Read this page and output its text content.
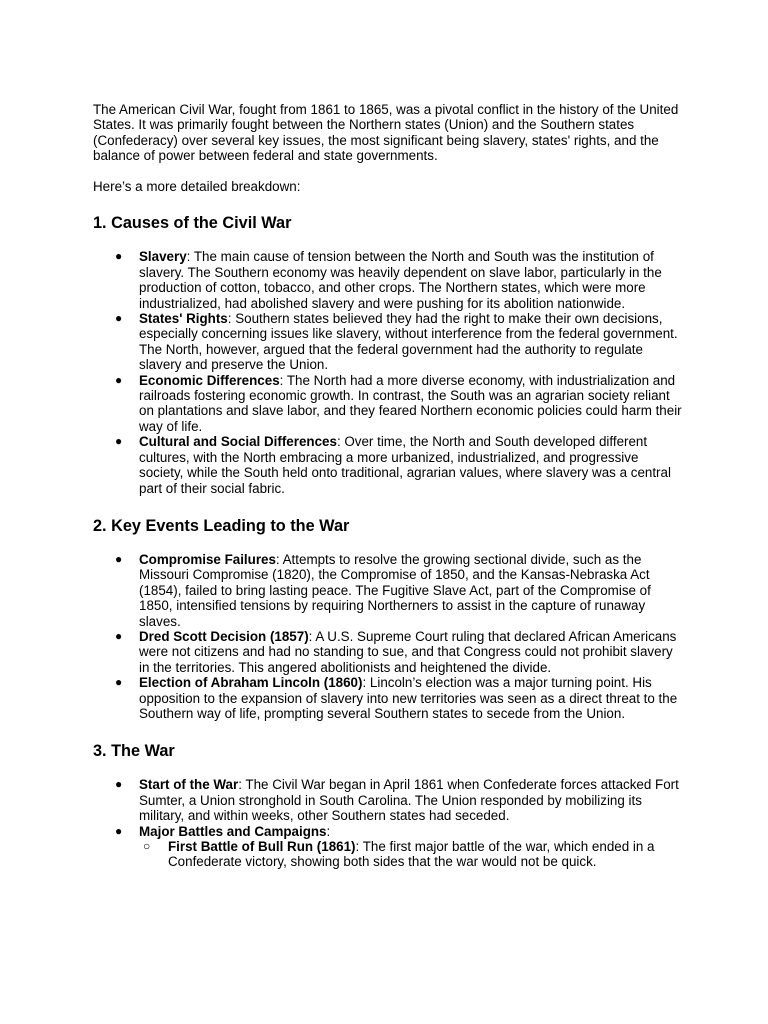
The American Civil War, fought from 1861 to 1865, was a pivotal conflict in the history of the United States. It was primarily fought between the Northern states (Union) and the Southern states (Confederacy) over several key issues, the most significant being slavery, states' rights, and the balance of power between federal and state governments.

Here’s a more detailed breakdown:

1. Causes of the Civil War
● Slavery: The main cause of tension between the North and South was the institution of slavery. The Southern economy was heavily dependent on slave labor, particularly in the production of cotton, tobacco, and other crops. The Northern states, which were more industrialized, had abolished slavery and were pushing for its abolition nationwide.
● States' Rights: Southern states believed they had the right to make their own decisions, especially concerning issues like slavery, without interference from the federal government. The North, however, argued that the federal government had the authority to regulate slavery and preserve the Union.
● Economic Differences: The North had a more diverse economy, with industrialization and railroads fostering economic growth. In contrast, the South was an agrarian society reliant on plantations and slave labor, and they feared Northern economic policies could harm their way of life.
● Cultural and Social Differences: Over time, the North and South developed different cultures, with the North embracing a more urbanized, industrialized, and progressive society, while the South held onto traditional, agrarian values, where slavery was a central part of their social fabric.
2. Key Events Leading to the War
● Compromise Failures: Attempts to resolve the growing sectional divide, such as the Missouri Compromise (1820), the Compromise of 1850, and the Kansas-Nebraska Act (1854), failed to bring lasting peace. The Fugitive Slave Act, part of the Compromise of 1850, intensified tensions by requiring Northerners to assist in the capture of runaway slaves.
● Dred Scott Decision (1857): A U.S. Supreme Court ruling that declared African Americans were not citizens and had no standing to sue, and that Congress could not prohibit slavery in the territories. This angered abolitionists and heightened the divide.
● Election of Abraham Lincoln (1860): Lincoln’s election was a major turning point. His opposition to the expansion of slavery into new territories was seen as a direct threat to the Southern way of life, prompting several Southern states to secede from the Union.
3. The War
● Start of the War: The Civil War began in April 1861 when Confederate forces attacked Fort Sumter, a Union stronghold in South Carolina. The Union responded by mobilizing its military, and within weeks, other Southern states had seceded.
● Major Battles and Campaigns:
○ First Battle of Bull Run (1861): The first major battle of the war, which ended in a Confederate victory, showing both sides that the war would not be quick.
